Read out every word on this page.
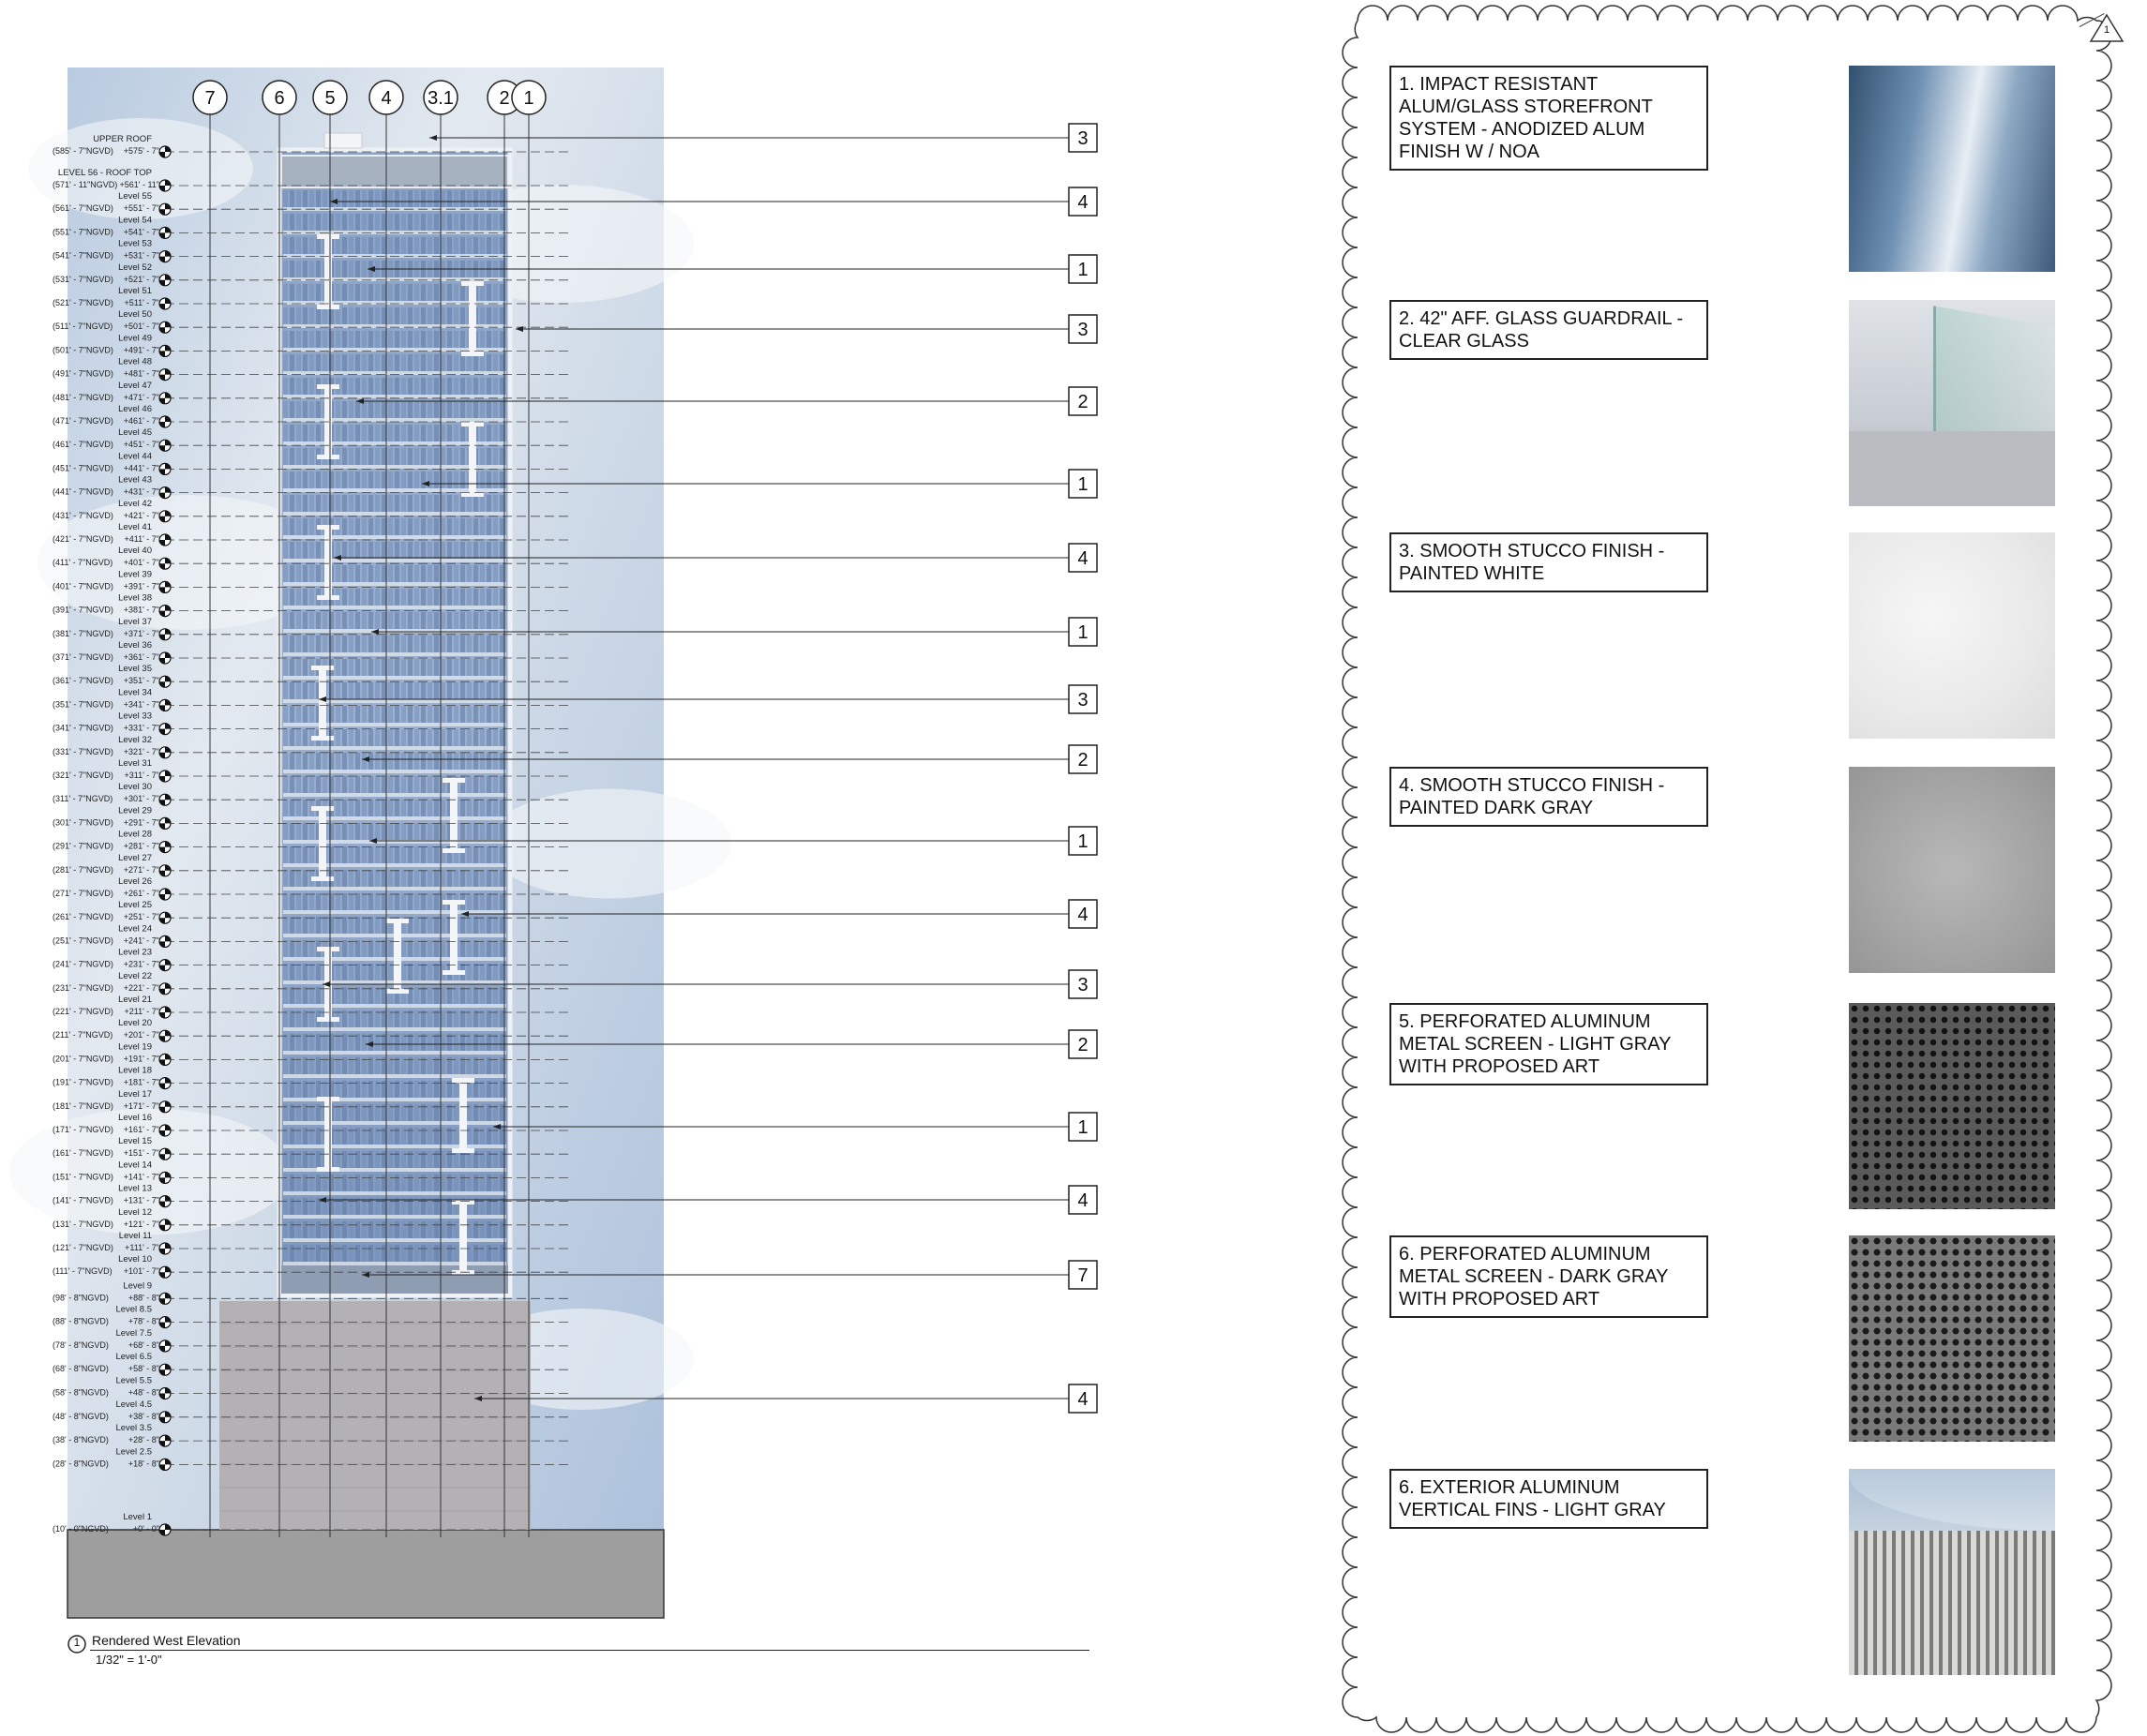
UPPER ROOF
(585' - 7"NGVD) +575' - 7"
LEVEL 56 - ROOF TOP
(571' - 11"NGVD) +561' - 11"
Level 55
(561' - 7"NGVD) +551' - 7"
Level 54
(551' - 7"NGVD) +541' - 7"
Level 53
(541' - 7"NGVD) +531' - 7"
Level 52
(531' - 7"NGVD) +521' - 7"
Level 51
(521' - 7"NGVD) +511' - 7"
Level 50
(511' - 7"NGVD) +501' - 7"
Level 49
(501' - 7"NGVD) +491' - 7"
Level 48
(491' - 7"NGVD) +481' - 7"
Level 47
(481' - 7"NGVD) +471' - 7"
Level 46
(471' - 7"NGVD) +461' - 7"
Level 45
(461' - 7"NGVD) +451' - 7"
Level 44
(451' - 7"NGVD) +441' - 7"
Level 43
(441' - 7"NGVD) +431' - 7"
Level 42
(431' - 7"NGVD) +421' - 7"
Level 41
(421' - 7"NGVD) +411' - 7"
Level 40
(411' - 7"NGVD) +401' - 7"
Level 39
(401' - 7"NGVD) +391' - 7"
Level 38
(391' - 7"NGVD) +381' - 7"
Level 37
(381' - 7"NGVD) +371' - 7"
Level 36
(371' - 7"NGVD) +361' - 7"
Level 35
(361' - 7"NGVD) +351' - 7"
Level 34
(351' - 7"NGVD) +341' - 7"
Level 33
(341' - 7"NGVD) +331' - 7"
Level 32
(331' - 7"NGVD) +321' - 7"
Level 31
(321' - 7"NGVD) +311' - 7"
Level 30
(311' - 7"NGVD) +301' - 7"
Level 29
(301' - 7"NGVD) +291' - 7"
Level 28
(291' - 7"NGVD) +281' - 7"
Level 27
(281' - 7"NGVD) +271' - 7"
Level 26
(271' - 7"NGVD) +261' - 7"
Level 25
(261' - 7"NGVD) +251' - 7"
Level 24
(251' - 7"NGVD) +241' - 7"
Level 23
(241' - 7"NGVD) +231' - 7"
Level 22
(231' - 7"NGVD) +221' - 7"
Level 21
(221' - 7"NGVD) +211' - 7"
Level 20
(211' - 7"NGVD) +201' - 7"
Level 19
(201' - 7"NGVD) +191' - 7"
Level 18
(191' - 7"NGVD) +181' - 7"
Level 17
(181' - 7"NGVD) +171' - 7"
Level 16
(171' - 7"NGVD) +161' - 7"
Level 15
(161' - 7"NGVD) +151' - 7"
Level 14
(151' - 7"NGVD) +141' - 7"
Level 13
(141' - 7"NGVD) +131' - 7"
Level 12
(131' - 7"NGVD) +121' - 7"
Level 11
(121' - 7"NGVD) +111' - 7"
Level 10
(111' - 7"NGVD) +101' - 7"
Level 9
(98' - 8"NGVD) +88' - 8"
Level 8.5
(88' - 8"NGVD) +78' - 8"
Level 7.5
(78' - 8"NGVD) +68' - 8"
Level 6.5
(68' - 8"NGVD) +58' - 8"
Level 5.5
(58' - 8"NGVD) +48' - 8"
Level 4.5
(48' - 8"NGVD) +38' - 8"
Level 3.5
(38' - 8"NGVD) +28' - 8"
Level 2.5
(28' - 8"NGVD) +18' - 8"
Level 1
(10' - 0"NGVD)	+0' - 0"
7	6 5 4 3.1 2 1
3
4
1
3
2
1
4
1
3
2
1
4
3
2
1
4
7
4
1 Rendered West Elevation
1/32" = 1'-0"
1
1. IMPACT RESISTANT ALUM/GLASS STOREFRONT SYSTEM - ANODIZED ALUM FINISH W / NOA
2. 42" AFF. GLASS GUARDRAIL - CLEAR GLASS
3. SMOOTH STUCCO FINISH - PAINTED WHITE
4. SMOOTH STUCCO FINISH - PAINTED DARK GRAY
5. PERFORATED ALUMINUM METAL SCREEN - LIGHT GRAY WITH PROPOSED ART
6. PERFORATED ALUMINUM METAL SCREEN - DARK GRAY WITH PROPOSED ART
6. EXTERIOR ALUMINUM VERTICAL FINS - LIGHT GRAY
